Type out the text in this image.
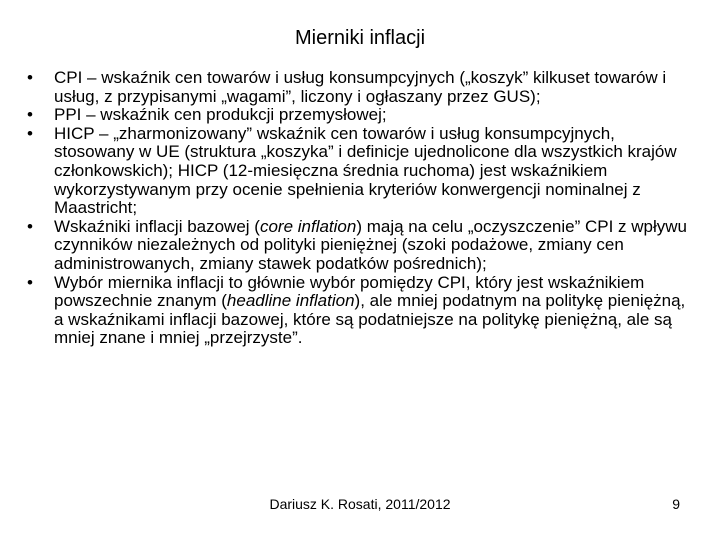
Mierniki inflacji
• CPI – wskaźnik cen towarów i usług konsumpcyjnych („koszyk” kilkuset towarów i usług, z przypisanymi „wagami”, liczony i ogłaszany przez GUS);
• PPI – wskaźnik cen produkcji przemysłowej;
• HICP – „zharmonizowany” wskaźnik cen towarów i usług konsumpcyjnych, stosowany w UE (struktura „koszyka” i definicje ujednolicone dla wszystkich krajów członkowskich); HICP (12-miesięczna średnia ruchoma) jest wskaźnikiem wykorzystywanym przy ocenie spełnienia kryteriów konwergencji nominalnej z Maastricht;
• Wskaźniki inflacji bazowej (core inflation) mają na celu „oczyszczenie” CPI z wpływu czynników niezależnych od polityki pieniężnej (szoki podażowe, zmiany cen administrowanych, zmiany stawek podatków pośrednich);
• Wybór miernika inflacji to głównie wybór pomiędzy CPI, który jest wskaźnikiem powszechnie znanym (headline inflation), ale mniej podatnym na politykę pieniężną, a wskaźnikami inflacji bazowej, które są podatniejsze na politykę pieniężną, ale są mniej znane i mniej „przejrzyste”.
Dariusz K. Rosati, 2011/2012	9
